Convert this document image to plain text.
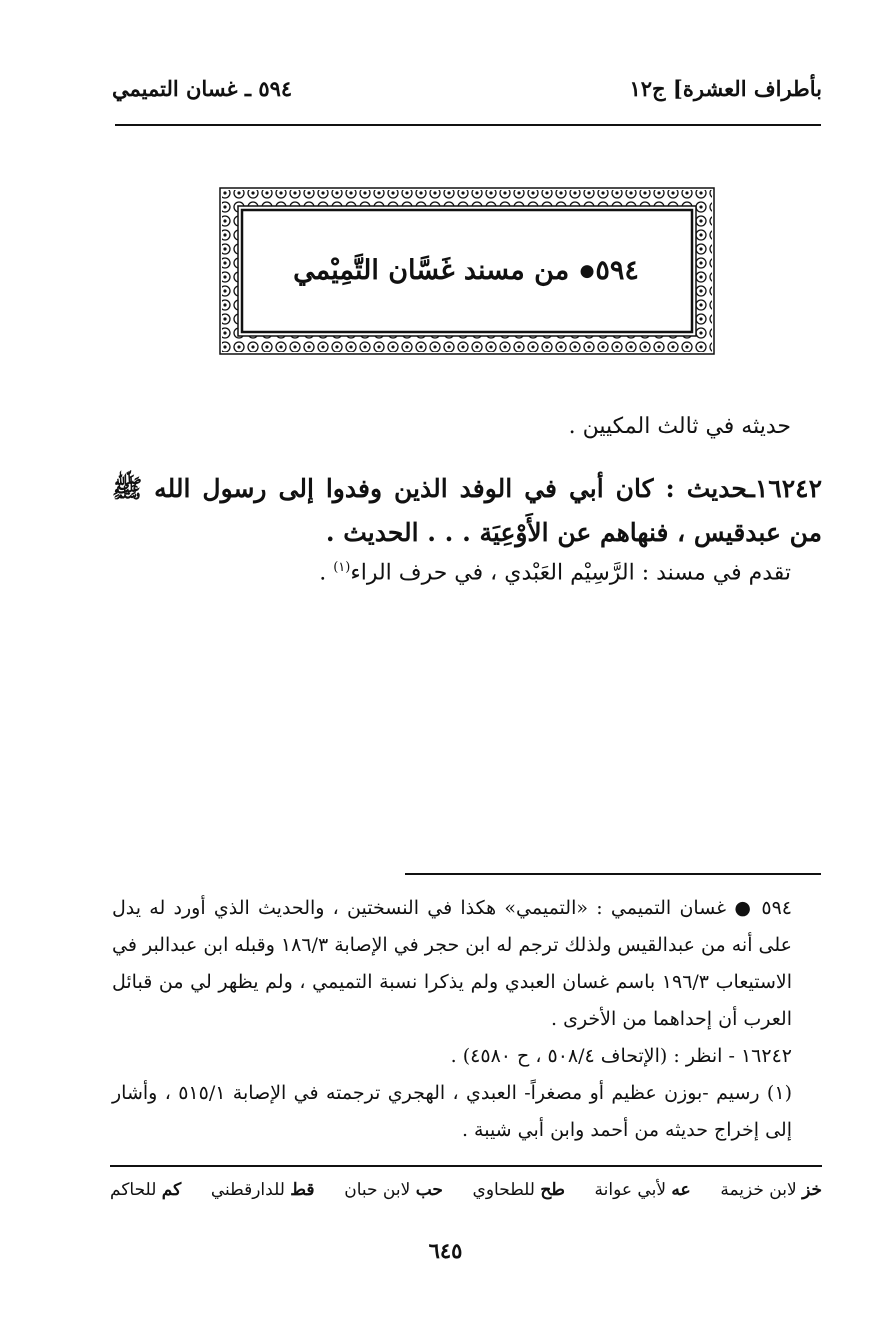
بأطراف العشرة] ج١٢
٥٩٤ ـ غسان التميمي
٥٩٤● من مسند غَسَّان التَّمِيْمي
حديثه في ثالث المكيين .
١٦٢٤٢ـحديث : كان أبي في الوفد الذين وفدوا إلى رسول الله ﷺ من عبدقيس ، فنهاهم عن الأَوْعِيَة . . . الحديث .
تقدم في مسند : الرَّسِيْم العَبْدي ، في حرف الراء$^{(١)}$ .

٥٩٤ ● غسان التميمي : «التميمي» هكذا في النسختين ، والحديث الذي أورد له يدل على أنه من عبدالقيس ولذلك ترجم له ابن حجر في الإصابة ١٨٦/٣ وقبله ابن عبدالبر في الاستيعاب ١٩٦/٣ باسم غسان العبدي ولم يذكرا نسبة التميمي ، ولم يظهر لي من قبائل العرب أن إحداهما من الأخرى .

١٦٢٤٢ - انظر : (الإتحاف ٥٠٨/٤ ، ح ٤٥٨٠) .

(١) رسيم -بوزن عظيم أو مصغراً- العبدي ، الهجري ترجمته في الإصابة ٥١٥/١ ، وأشار إلى إخراج حديثه من أحمد وابن أبي شيبة .

خز لابن خزيمة
عه لأبي عوانة
طح للطحاوي
حب لابن حبان
قط للدارقطني
كم للحاكم
٦٤٥
